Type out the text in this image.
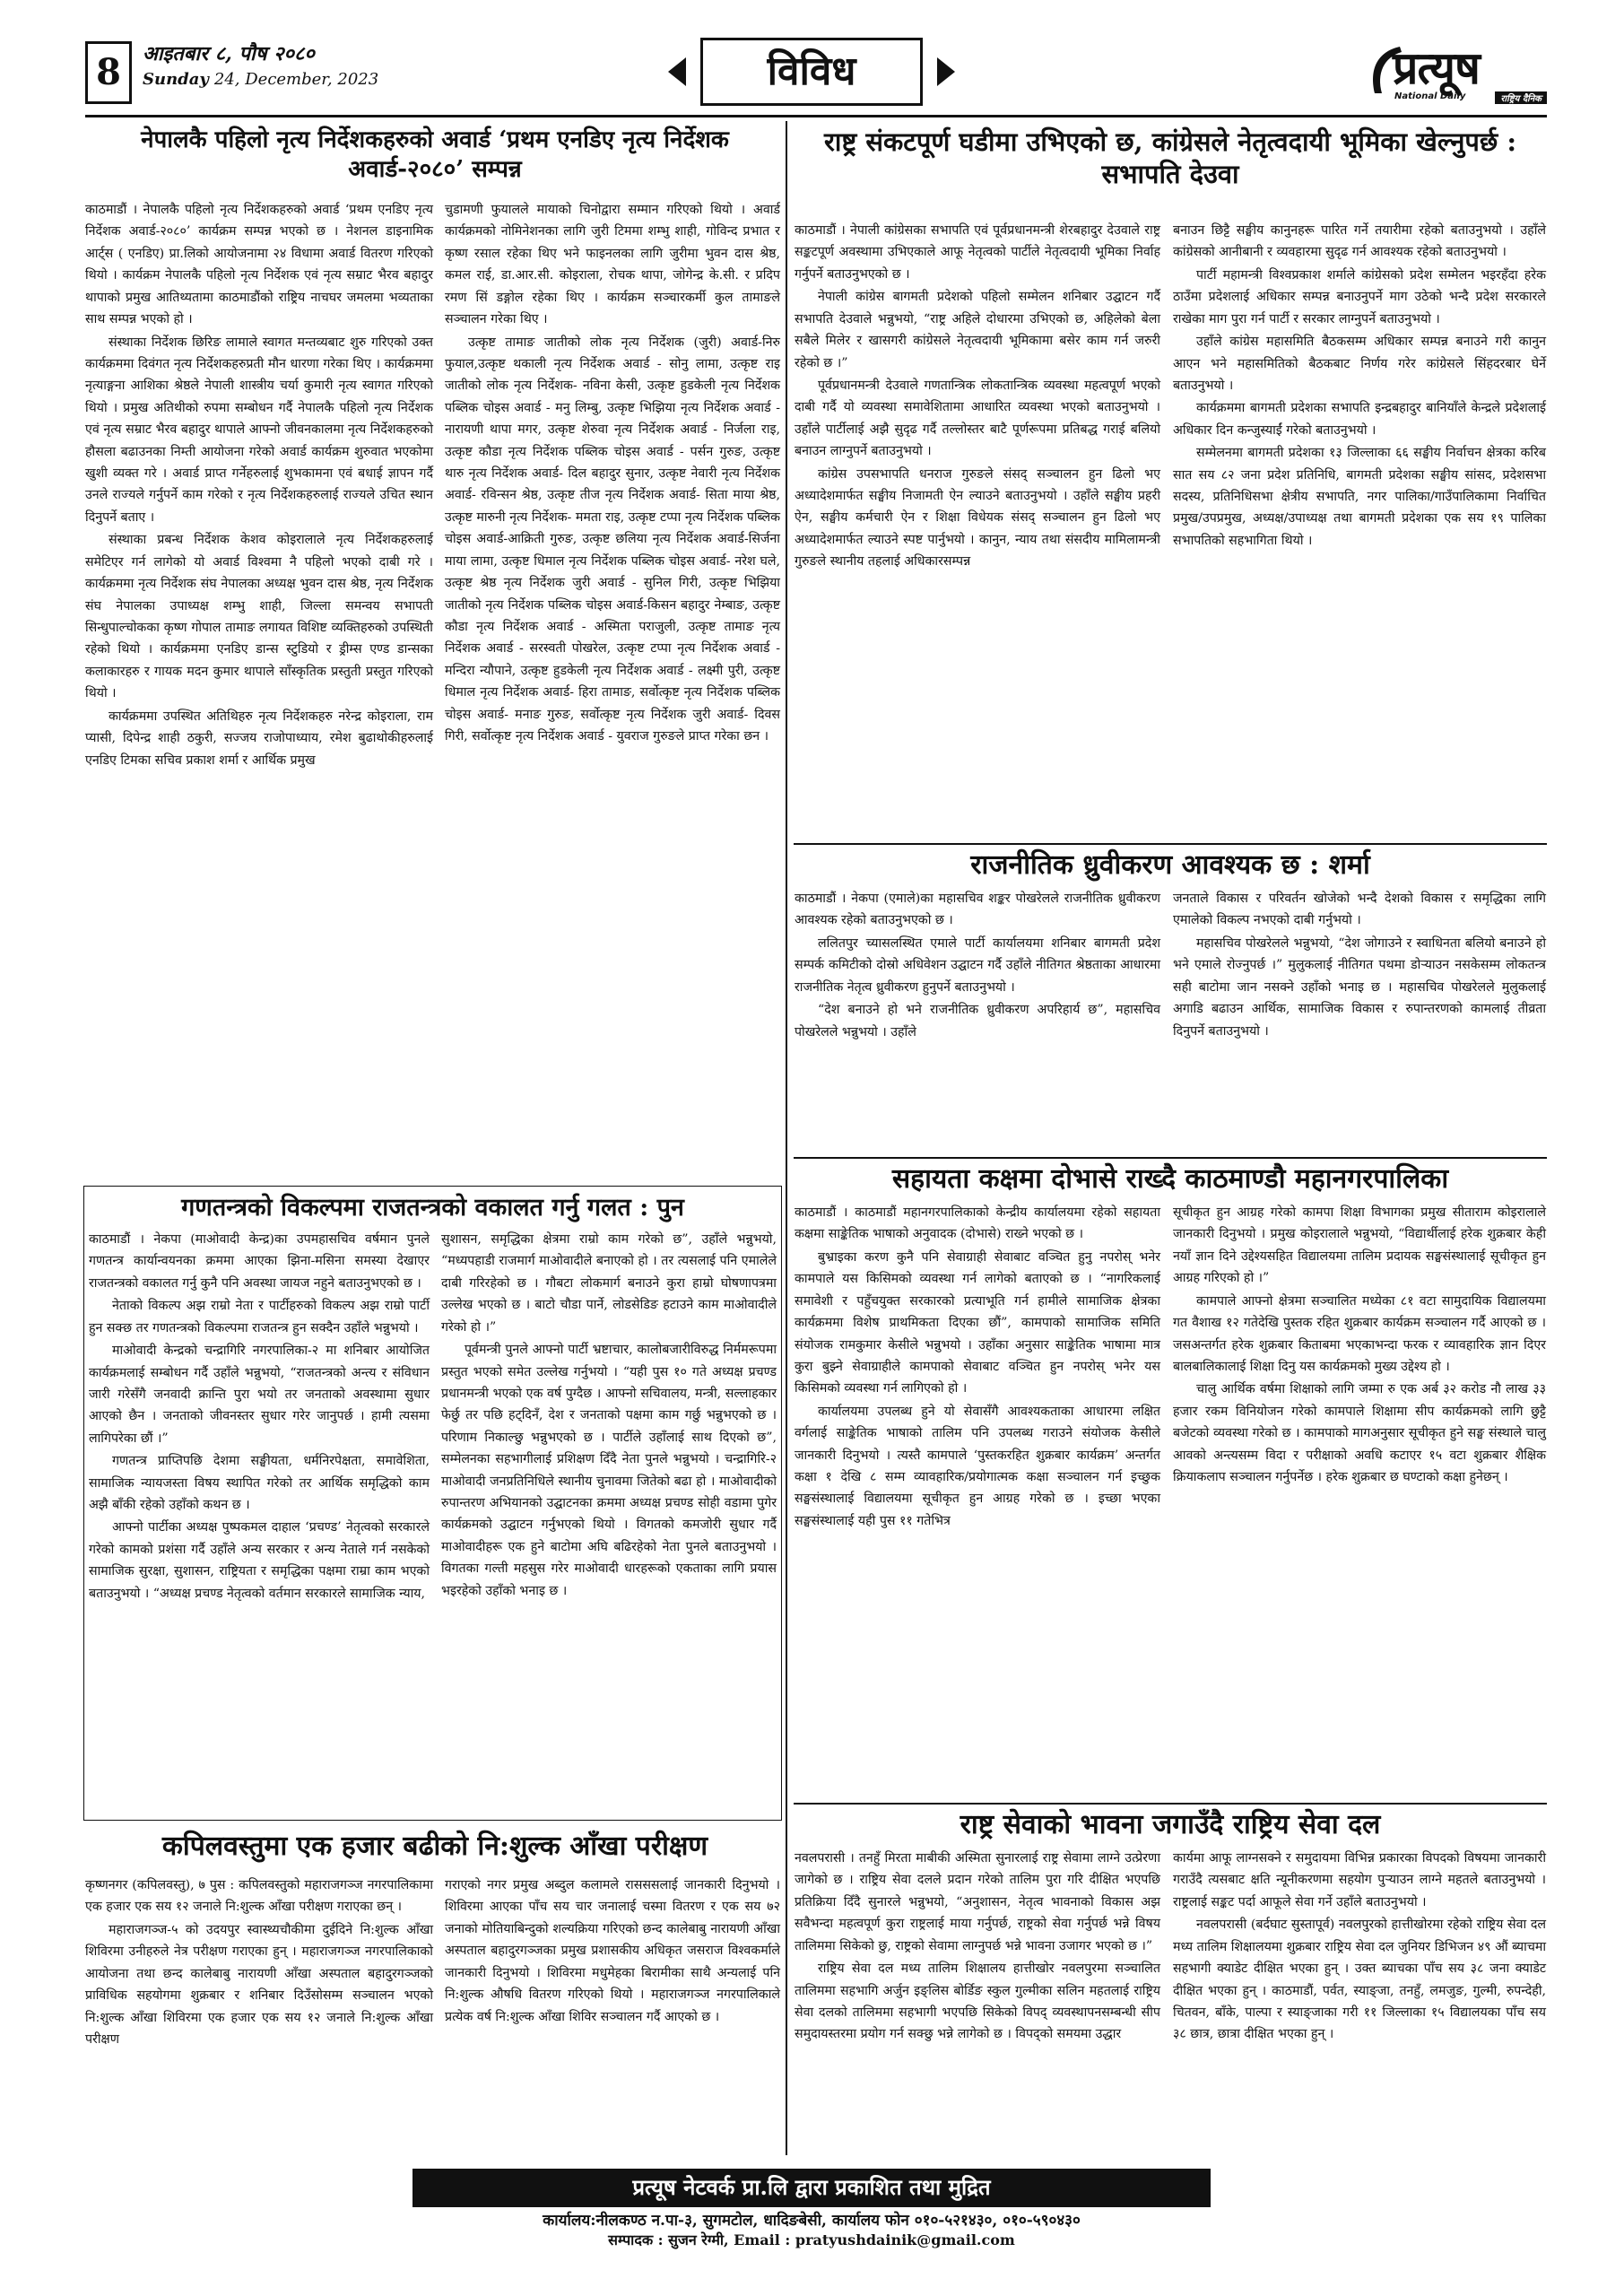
8	आइतबार ८, पौष २०८०
Sunday 24, December, 2023	विविध	प्रत्यूष
National Daily	राष्ट्रिय दैनिक
नेपालकै पहिलो नृत्य निर्देशकहरुको अवार्ड ‘प्रथम एनडिए नृत्य निर्देशक अवार्ड-२०८०’ सम्पन्न

काठमाडौं । नेपालकै पहिलो नृत्य निर्देशकहरुको अवार्ड ‘प्रथम एनडिए नृत्य निर्देशक अवार्ड-२०८०’ कार्यक्रम सम्पन्न भएको छ । नेशनल डाइनामिक आर्ट्स ( एनडिए) प्रा.लिको आयोजनामा २४ विधामा अवार्ड वितरण गरिएको थियो । कार्यक्रम नेपालकै पहिलो नृत्य निर्देशक एवं नृत्य सम्राट भैरव बहादुर थापाको प्रमुख आतिथ्यतामा काठमाडौंको राष्ट्रिय नाचघर जमलमा भव्यताका साथ सम्पन्न भएको हो ।

संस्थाका निर्देशक छिरिङ लामाले स्वागत मन्तव्यबाट शुरु गरिएको उक्त कार्यक्रममा दिवंगत नृत्य निर्देशकहरुप्रती मौन धारणा गरेका थिए । कार्यक्रममा नृत्याङ्गना आशिका श्रेष्ठले नेपाली शास्त्रीय चर्या कुमारी नृत्य स्वागत गरिएको थियो । प्रमुख अतिथीको रुपमा सम्बोधन गर्दै नेपालकै पहिलो नृत्य निर्देशक एवं नृत्य सम्राट भैरव बहादुर थापाले आफ्नो जीवनकालमा नृत्य निर्देशकहरुको हौसला बढाउनका निम्ती आयोजना गरेको अवार्ड कार्यक्रम शुरुवात भएकोमा खुशी व्यक्त गरे । अवार्ड प्राप्त गर्नेहरुलाई शुभकामना एवं बधाई ज्ञापन गर्दै उनले राज्यले गर्नुपर्ने काम गरेको र नृत्य निर्देशकहरुलाई राज्यले उचित स्थान दिनुपर्ने बताए ।

संस्थाका प्रबन्ध निर्देशक केशव कोइरालाले नृत्य निर्देशकहरुलाई समेटिएर गर्न लागेको यो अवार्ड विश्वमा नै पहिलो भएको दाबी गरे । कार्यक्रममा नृत्य निर्देशक संघ नेपालका अध्यक्ष भुवन दास श्रेष्ठ, नृत्य निर्देशक संघ नेपालका उपाध्यक्ष शम्भु शाही, जिल्ला समन्वय सभापती सिन्धुपाल्चोकका कृष्ण गोपाल तामाङ लगायत विशिष्ट व्यक्तिहरुको उपस्थिती रहेको थियो । कार्यक्रममा एनडिए डान्स स्टुडियो र ड्रीम्स एण्ड डान्सका कलाकारहरु र गायक मदन कुमार थापाले साँस्कृतिक प्रस्तुती प्रस्तुत गरिएको थियो ।

कार्यक्रममा उपस्थित अतिथिहरु नृत्य निर्देशकहरु नरेन्द्र कोइराला, राम प्यासी, दिपेन्द्र शाही ठकुरी, सज्जय राजोपाध्याय, रमेश बुढाथोकीहरुलाई एनडिए टिमका सचिव प्रकाश शर्मा र आर्थिक प्रमुख

चुडामणी फुयालले मायाको चिनोद्वारा सम्मान गरिएको थियो । अवार्ड कार्यक्रमको नोमिनेशनका लागि जुरी टिममा शम्भु शाही, गोविन्द प्रभात र कृष्ण रसाल रहेका थिए भने फाइनलका लागि जुरीमा भुवन दास श्रेष्ठ, कमल राई, डा.आर.सी. कोइराला, रोचक थापा, जोगेन्द्र के.सी. र प्रदिप रमण सिं डङ्गोल रहेका थिए । कार्यक्रम सञ्चारकर्मी कुल तामाङले सञ्चालन गरेका थिए ।

उत्कृष्ट तामाङ जातीको लोक नृत्य निर्देशक (जुरी) अवार्ड-निरु फुयाल,उत्कृष्ट थकाली नृत्य निर्देशक अवार्ड - सोनु लामा, उत्कृष्ट राइ जातीको लोक नृत्य निर्देशक- नविना केसी, उत्कृष्ट हुडकेली नृत्य निर्देशक पब्लिक चोइस अवार्ड - मनु लिम्बु, उत्कृष्ट भिझिया नृत्य निर्देशक अवार्ड - नारायणी थापा मगर, उत्कृष्ट शेरुवा नृत्य निर्देशक अवार्ड - निर्जला राइ, उत्कृष्ट कौडा नृत्य निर्देशक पब्लिक चोइस अवार्ड - पर्सन गुरुङ, उत्कृष्ट थारु नृत्य निर्देशक अवार्ड- दिल बहादुर सुनार, उत्कृष्ट नेवारी नृत्य निर्देशक अवार्ड- रविन्सन श्रेष्ठ, उत्कृष्ट तीज नृत्य निर्देशक अवार्ड- सिता माया श्रेष्ठ, उत्कृष्ट मारुनी नृत्य निर्देशक- ममता राइ, उत्कृष्ट टप्पा नृत्य निर्देशक पब्लिक चोइस अवार्ड-आक्रिती गुरुङ, उत्कृष्ट छलिया नृत्य निर्देशक अवार्ड-सिर्जना माया लामा, उत्कृष्ट धिमाल नृत्य निर्देशक पब्लिक चोइस अवार्ड- नरेश घले, उत्कृष्ट श्रेष्ठ नृत्य निर्देशक जुरी अवार्ड - सुनिल गिरी, उत्कृष्ट भिझिया जातीको नृत्य निर्देशक पब्लिक चोइस अवार्ड-किसन बहादुर नेम्बाङ, उत्कृष्ट कौडा नृत्य निर्देशक अवार्ड - अस्मिता पराजुली, उत्कृष्ट तामाङ नृत्य निर्देशक अवार्ड - सरस्वती पोखरेल, उत्कृष्ट टप्पा नृत्य निर्देशक अवार्ड - मन्दिरा न्यौपाने, उत्कृष्ट हुडकेली नृत्य निर्देशक अवार्ड - लक्ष्मी पुरी, उत्कृष्ट धिमाल नृत्य निर्देशक अवार्ड- हिरा तामाङ, सर्वोत्कृष्ट नृत्य निर्देशक पब्लिक चोइस अवार्ड- मनाङ गुरुङ, सर्वोत्कृष्ट नृत्य निर्देशक जुरी अवार्ड- दिवस गिरी, सर्वोत्कृष्ट नृत्य निर्देशक अवार्ड - युवराज गुरुङले प्राप्त गरेका छन ।

गणतन्त्रको विकल्पमा राजतन्त्रको वकालत गर्नु गलत : पुन

काठमाडौं । नेकपा (माओवादी केन्द्र)का उपमहासचिव वर्षमान पुनले गणतन्त्र कार्यान्वयनका क्रममा आएका झिना-मसिना समस्या देखाएर राजतन्त्रको वकालत गर्नु कुनै पनि अवस्था जायज नहुने बताउनुभएको छ ।

नेताको विकल्प अझ राम्रो नेता र पार्टीहरुको विकल्प अझ राम्रो पार्टी हुन सक्छ तर गणतन्त्रको विकल्पमा राजतन्त्र हुन सक्दैन उहाँले भन्नुभयो ।

माओवादी केन्द्रको चन्द्रागिरि नगरपालिका-२ मा शनिबार आयोजित कार्यक्रमलाई सम्बोधन गर्दै उहाँले भन्नुभयो, “राजतन्त्रको अन्त्य र संविधान जारी गरेसँगै जनवादी क्रान्ति पुरा भयो तर जनताको अवस्थामा सुधार आएको छैन । जनताको जीवनस्तर सुधार गरेर जानुपर्छ । हामी त्यसमा लागिपरेका छौं ।”

गणतन्त्र प्राप्तिपछि देशमा सङ्घीयता, धर्मनिरपेक्षता, समावेशिता, सामाजिक न्यायजस्ता विषय स्थापित गरेको तर आर्थिक समृद्धिको काम अझै बाँकी रहेको उहाँको कथन छ ।

आफ्नो पार्टीका अध्यक्ष पुष्पकमल दाहाल ‘प्रचण्ड’ नेतृत्वको सरकारले गरेको कामको प्रशंसा गर्दै उहाँले अन्य सरकार र अन्य नेताले गर्न नसकेको सामाजिक सुरक्षा, सुशासन, राष्ट्रियता र समृद्धिका पक्षमा राम्रा काम भएको बताउनुभयो । “अध्यक्ष प्रचण्ड नेतृत्वको वर्तमान सरकारले सामाजिक न्याय,

सुशासन, समृद्धिका क्षेत्रमा राम्रो काम गरेको छ”, उहाँले भन्नुभयो, “मध्यपहाडी राजमार्ग माओवादीले बनाएको हो । तर त्यसलाई पनि एमालेले दाबी गरिरहेको छ । गौबटा लोकमार्ग बनाउने कुरा हाम्रो घोषणापत्रमा उल्लेख भएको छ । बाटो चौडा पार्ने, लोडसेडिङ हटाउने काम माओवादीले गरेको हो ।”

पूर्वमन्त्री पुनले आफ्नो पार्टी भ्रष्टाचार, कालोबजारीविरुद्ध निर्ममरूपमा प्रस्तुत भएको समेत उल्लेख गर्नुभयो । “यही पुस १० गते अध्यक्ष प्रचण्ड प्रधानमन्त्री भएको एक वर्ष पुग्दैछ । आफ्नो सचिवालय, मन्त्री, सल्लाहकार फेर्छु तर पछि हट्दिनँ, देश र जनताको पक्षमा काम गर्छु भन्नुभएको छ । परिणाम निकाल्छु भन्नुभएको छ । पार्टीले उहाँलाई साथ दिएको छ”, सम्मेलनका सहभागीलाई प्रशिक्षण दिँदै नेता पुनले भन्नुभयो । चन्द्रागिरि-२ माओवादी जनप्रतिनिधिले स्थानीय चुनावमा जितेको बढा हो । माओवादीको रुपान्तरण अभियानको उद्घाटनका क्रममा अध्यक्ष प्रचण्ड सोही वडामा पुगेर कार्यक्रमको उद्घाटन गर्नुभएको थियो । विगतको कमजोरी सुधार गर्दै माओवादीहरू एक हुने बाटोमा अघि बढिरहेको नेता पुनले बताउनुभयो । विगतका गल्ती महसुस गरेर माओवादी धारहरूको एकताका लागि प्रयास भइरहेको उहाँको भनाइ छ ।

कपिलवस्तुमा एक हजार बढीको नि:शुल्क आँखा परीक्षण

कृष्णनगर (कपिलवस्तु), ७ पुस : कपिलवस्तुको महाराजगञ्ज नगरपालिकामा एक हजार एक सय १२ जनाले नि:शुल्क आँखा परीक्षण गराएका छन् ।

महाराजगञ्ज-५ को उदयपुर स्वास्थ्यचौकीमा दुईदिने नि:शुल्क आँखा शिविरमा उनीहरुले नेत्र परीक्षण गराएका हुन् । महाराजगञ्ज नगरपालिकाको आयोजना तथा छन्द कालेबाबु नारायणी आँखा अस्पताल बहादुरगञ्जको प्राविधिक सहयोगमा शुक्रबार र शनिबार दिउँसोसम्म सञ्चालन भएको नि:शुल्क आँखा शिविरमा एक हजार एक सय १२ जनाले नि:शुल्क आँखा परीक्षण

गराएको नगर प्रमुख अब्दुल कलामले रासससलाई जानकारी दिनुभयो । शिविरमा आएका पाँच सय चार जनालाई चस्मा वितरण र एक सय ७२ जनाको मोतियाबिन्दुको शल्यक्रिया गरिएको छन्द कालेबाबु नारायणी आँखा अस्पताल बहादुरगञ्जका प्रमुख प्रशासकीय अधिकृत जसराज विश्वकर्माले जानकारी दिनुभयो । शिविरमा मधुमेहका बिरामीका साथै अन्यलाई पनि नि:शुल्क औषधि वितरण गरिएको थियो । महाराजगञ्ज नगरपालिकाले प्रत्येक वर्ष नि:शुल्क आँखा शिविर सञ्चालन गर्दै आएको छ ।

राष्ट्र संकटपूर्ण घडीमा उभिएको छ, कांग्रेसले नेतृत्वदायी भूमिका खेल्नुपर्छ : सभापति देउवा

काठमाडौं । नेपाली कांग्रेसका सभापति एवं पूर्वप्रधानमन्त्री शेरबहादुर देउवाले राष्ट्र सङ्कटपूर्ण अवस्थामा उभिएकाले आफू नेतृत्वको पार्टीले नेतृत्वदायी भूमिका निर्वाह गर्नुपर्ने बताउनुभएको छ ।

नेपाली कांग्रेस बागमती प्रदेशको पहिलो सम्मेलन शनिबार उद्घाटन गर्दै सभापति देउवाले भन्नुभयो, “राष्ट्र अहिले दोधारमा उभिएको छ, अहिलेको बेला सबैले मिलेर र खासगरी कांग्रेसले नेतृत्वदायी भूमिकामा बसेर काम गर्न जरुरी रहेको छ ।”

पूर्वप्रधानमन्त्री देउवाले गणतान्त्रिक लोकतान्त्रिक व्यवस्था महत्वपूर्ण भएको दाबी गर्दै यो व्यवस्था समावेशितामा आधारित व्यवस्था भएको बताउनुभयो । उहाँले पार्टीलाई अझै सुदृढ गर्दै तल्लोस्तर बाटै पूर्णरूपमा प्रतिबद्ध गराई बलियो बनाउन लाग्नुपर्ने बताउनुभयो ।

कांग्रेस उपसभापति धनराज गुरुङले संसद् सञ्चालन हुन ढिलो भए अध्यादेशमार्फत सङ्घीय निजामती ऐन ल्याउने बताउनुभयो । उहाँले सङ्घीय प्रहरी ऐन, सङ्घीय कर्मचारी ऐन र शिक्षा विधेयक संसद् सञ्चालन हुन ढिलो भए अध्यादेशमार्फत ल्याउने स्पष्ट पार्नुभयो । कानुन, न्याय तथा संसदीय मामिलामन्त्री गुरुङले स्थानीय तहलाई अधिकारसम्पन्न

बनाउन छिट्टै सङ्घीय कानुनहरू पारित गर्ने तयारीमा रहेको बताउनुभयो । उहाँले कांग्रेसको आनीबानी र व्यवहारमा सुदृढ गर्न आवश्यक रहेको बताउनुभयो ।

पार्टी महामन्त्री विश्वप्रकाश शर्माले कांग्रेसको प्रदेश सम्मेलन भइरहँदा हरेक ठाउँमा प्रदेशलाई अधिकार सम्पन्न बनाउनुपर्ने माग उठेको भन्दै प्रदेश सरकारले राखेका माग पुरा गर्न पार्टी र सरकार लाग्नुपर्ने बताउनुभयो ।

उहाँले कांग्रेस महासमिति बैठकसम्म अधिकार सम्पन्न बनाउने गरी कानुन आएन भने महासमितिको बैठकबाट निर्णय गरेर कांग्रेसले सिंहदरबार घेर्ने बताउनुभयो ।

कार्यक्रममा बागमती प्रदेशका सभापति इन्द्रबहादुर बानियाँले केन्द्रले प्रदेशलाई अधिकार दिन कन्जुस्याईं गरेको बताउनुभयो ।

सम्मेलनमा बागमती प्रदेशका १३ जिल्लाका ६६ सङ्घीय निर्वाचन क्षेत्रका करिब सात सय ८२ जना प्रदेश प्रतिनिधि, बागमती प्रदेशका सङ्घीय सांसद, प्रदेशसभा सदस्य, प्रतिनिधिसभा क्षेत्रीय सभापति, नगर पालिका/गाउँपालिकामा निर्वाचित प्रमुख/उपप्रमुख, अध्यक्ष/उपाध्यक्ष तथा बागमती प्रदेशका एक सय १९ पालिका सभापतिको सहभागिता थियो ।

राजनीतिक ध्रुवीकरण आवश्यक छ : शर्मा

काठमाडौं । नेकपा (एमाले)का महासचिव शङ्कर पोखरेलले राजनीतिक ध्रुवीकरण आवश्यक रहेको बताउनुभएको छ ।

ललितपुर च्यासलस्थित एमाले पार्टी कार्यालयमा शनिबार बागमती प्रदेश सम्पर्क कमिटीको दोस्रो अधिवेशन उद्घाटन गर्दै उहाँले नीतिगत श्रेष्ठताका आधारमा राजनीतिक नेतृत्व ध्रुवीकरण हुनुपर्ने बताउनुभयो ।

“देश बनाउने हो भने राजनीतिक ध्रुवीकरण अपरिहार्य छ”, महासचिव पोखरेलले भन्नुभयो । उहाँले

जनताले विकास र परिवर्तन खोजेको भन्दै देशको विकास र समृद्धिका लागि एमालेको विकल्प नभएको दाबी गर्नुभयो ।

महासचिव पोखरेलले भन्नुभयो, “देश जोगाउने र स्वाधिनता बलियो बनाउने हो भने एमाले रोज्नुपर्छ ।” मुलुकलाई नीतिगत पथमा डोर्‍याउन नसकेसम्म लोकतन्त्र सही बाटोमा जान नसक्ने उहाँको भनाइ छ । महासचिव पोखरेलले मुलुकलाई अगाडि बढाउन आर्थिक, सामाजिक विकास र रुपान्तरणको कामलाई तीव्रता दिनुपर्ने बताउनुभयो ।

सहायता कक्षमा दोभासे राख्दै काठमाण्डौ महानगरपालिका

काठमाडौं । काठमाडौं महानगरपालिकाको केन्द्रीय कार्यालयमा रहेको सहायता कक्षमा साङ्केतिक भाषाको अनुवादक (दोभासे) राख्ने भएको छ ।

बुभ्राइका करण कुनै पनि सेवाग्राही सेवाबाट वञ्चित हुनु नपरोस् भनेर कामपाले यस किसिमको व्यवस्था गर्न लागेको बताएको छ । “नागरिकलाई समावेशी र पहुँचयुक्त सरकारको प्रत्याभूति गर्न हामीले सामाजिक क्षेत्रका कार्यक्रममा विशेष प्राथमिकता दिएका छौं”, कामपाको सामाजिक समिति संयोजक रामकुमार केसीले भन्नुभयो । उहाँका अनुसार साङ्केतिक भाषामा मात्र कुरा बुझ्ने सेवाग्राहीले कामपाको सेवाबाट वञ्चित हुन नपरोस् भनेर यस किसिमको व्यवस्था गर्न लागिएको हो ।

कार्यालयमा उपलब्ध हुने यो सेवासँगै आवश्यकताका आधारमा लक्षित वर्गलाई साङ्केतिक भाषाको तालिम पनि उपलब्ध गराउने संयोजक केसीले जानकारी दिनुभयो । त्यस्तै कामपाले ‘पुस्तकरहित शुक्रबार कार्यक्रम’ अन्तर्गत कक्षा १ देखि ८ सम्म व्यावहारिक/प्रयोगात्मक कक्षा सञ्चालन गर्न इच्छुक सङ्घसंस्थालाई विद्यालयमा सूचीकृत हुन आग्रह गरेको छ । इच्छा भएका सङ्घसंस्थालाई यही पुस ११ गतेभित्र

सूचीकृत हुन आग्रह गरेको कामपा शिक्षा विभागका प्रमुख सीताराम कोइरालाले जानकारी दिनुभयो । प्रमुख कोइरालाले भन्नुभयो, “विद्यार्थीलाई हरेक शुक्रबार केही नयाँ ज्ञान दिने उद्देश्यसहित विद्यालयमा तालिम प्रदायक सङ्घसंस्थालाई सूचीकृत हुन आग्रह गरिएको हो ।”

कामपाले आफ्नो क्षेत्रमा सञ्चालित मध्येका ८१ वटा सामुदायिक विद्यालयमा गत वैशाख १२ गतेदेखि पुस्तक रहित शुक्रबार कार्यक्रम सञ्चालन गर्दै आएको छ । जसअन्तर्गत हरेक शुक्रबार किताबमा भएकाभन्दा फरक र व्यावहारिक ज्ञान दिएर बालबालिकालाई शिक्षा दिनु यस कार्यक्रमको मुख्य उद्देश्य हो ।

चालु आर्थिक वर्षमा शिक्षाको लागि जम्मा रु एक अर्ब ३२ करोड नौ लाख ३३ हजार रकम विनियोजन गरेको कामपाले शिक्षामा सीप कार्यक्रमको लागि छुट्टै बजेटको व्यवस्था गरेको छ । कामपाको मागअनुसार सूचीकृत हुने सङ्घ संस्थाले चालु आवको अन्त्यसम्म विदा र परीक्षाको अवधि कटाएर १५ वटा शुक्रबार शैक्षिक क्रियाकलाप सञ्चालन गर्नुपर्नेछ । हरेक शुक्रबार छ घण्टाको कक्षा हुनेछन् ।

राष्ट्र सेवाको भावना जगाउँदै राष्ट्रिय सेवा दल

नवलपरासी । तनहुँ मिरता माबीकी अस्मिता सुनारलाई राष्ट्र सेवामा लाग्ने उत्प्रेरणा जागेको छ । राष्ट्रिय सेवा दलले प्रदान गरेको तालिम पुरा गरि दीक्षित भएपछि प्रतिक्रिया दिँदै सुनारले भन्नुभयो, “अनुशासन, नेतृत्व भावनाको विकास अझ सवैभन्दा महत्वपूर्ण कुरा राष्ट्रलाई माया गर्नुपर्छ, राष्ट्रको सेवा गर्नुपर्छ भन्ने विषय तालिममा सिकेको छु, राष्ट्रको सेवामा लाग्नुपर्छ भन्ने भावना उजागर भएको छ ।”

राष्ट्रिय सेवा दल मध्य तालिम शिक्षालय हात्तीखोर नवलपुरमा सञ्चालित तालिममा सहभागि अर्जुन इङ्लिस बोर्डिङ स्कुल गुल्मीका सलिन महतलाई राष्ट्रिय सेवा दलको तालिममा सहभागी भएपछि सिकेको विपद् व्यवस्थापनसम्बन्धी सीप समुदायस्तरमा प्रयोग गर्न सक्छु भन्ने लागेको छ । विपद्को समयमा उद्धार

कार्यमा आफू लाग्नसक्ने र समुदायमा विभिन्न प्रकारका विपदको विषयमा जानकारी गराउँदै त्यसबाट क्षति न्यूनीकरणमा सहयोग पुऱ्याउन लाग्ने महतले बताउनुभयो । राष्ट्रलाई सङ्कट पर्दा आफूले सेवा गर्ने उहाँले बताउनुभयो ।

नवलपरासी (बर्दघाट सुस्तापूर्व) नवलपुरको हात्तीखोरमा रहेको राष्ट्रिय सेवा दल मध्य तालिम शिक्षालयमा शुक्रबार राष्ट्रिय सेवा दल जुनियर डिभिजन ४९ औं ब्याचमा सहभागी क्याडेट दीक्षित भएका हुन् । उक्त ब्याचका पाँच सय ३८ जना क्याडेट दीक्षित भएका हुन् । काठमाडौं, पर्वत, स्याङ्जा, तनहुँ, लमजुङ, गुल्मी, रुपन्देही, चितवन, बाँके, पाल्पा र स्याङ्जाका गरी ११ जिल्लाका १५ विद्यालयका पाँच सय ३८ छात्र, छात्रा दीक्षित भएका हुन् ।

प्रत्यूष नेटवर्क प्रा.लि द्वारा प्रकाशित तथा मुद्रित
कार्यालय:नीलकण्ठ न.पा-३, सुगमटोल, धादिङबेसी, कार्यालय फोन ०१०-५२१४३०, ०१०-५९०४३०
सम्पादक : सुजन रेग्मी, Email : pratyushdainik@gmail.com
